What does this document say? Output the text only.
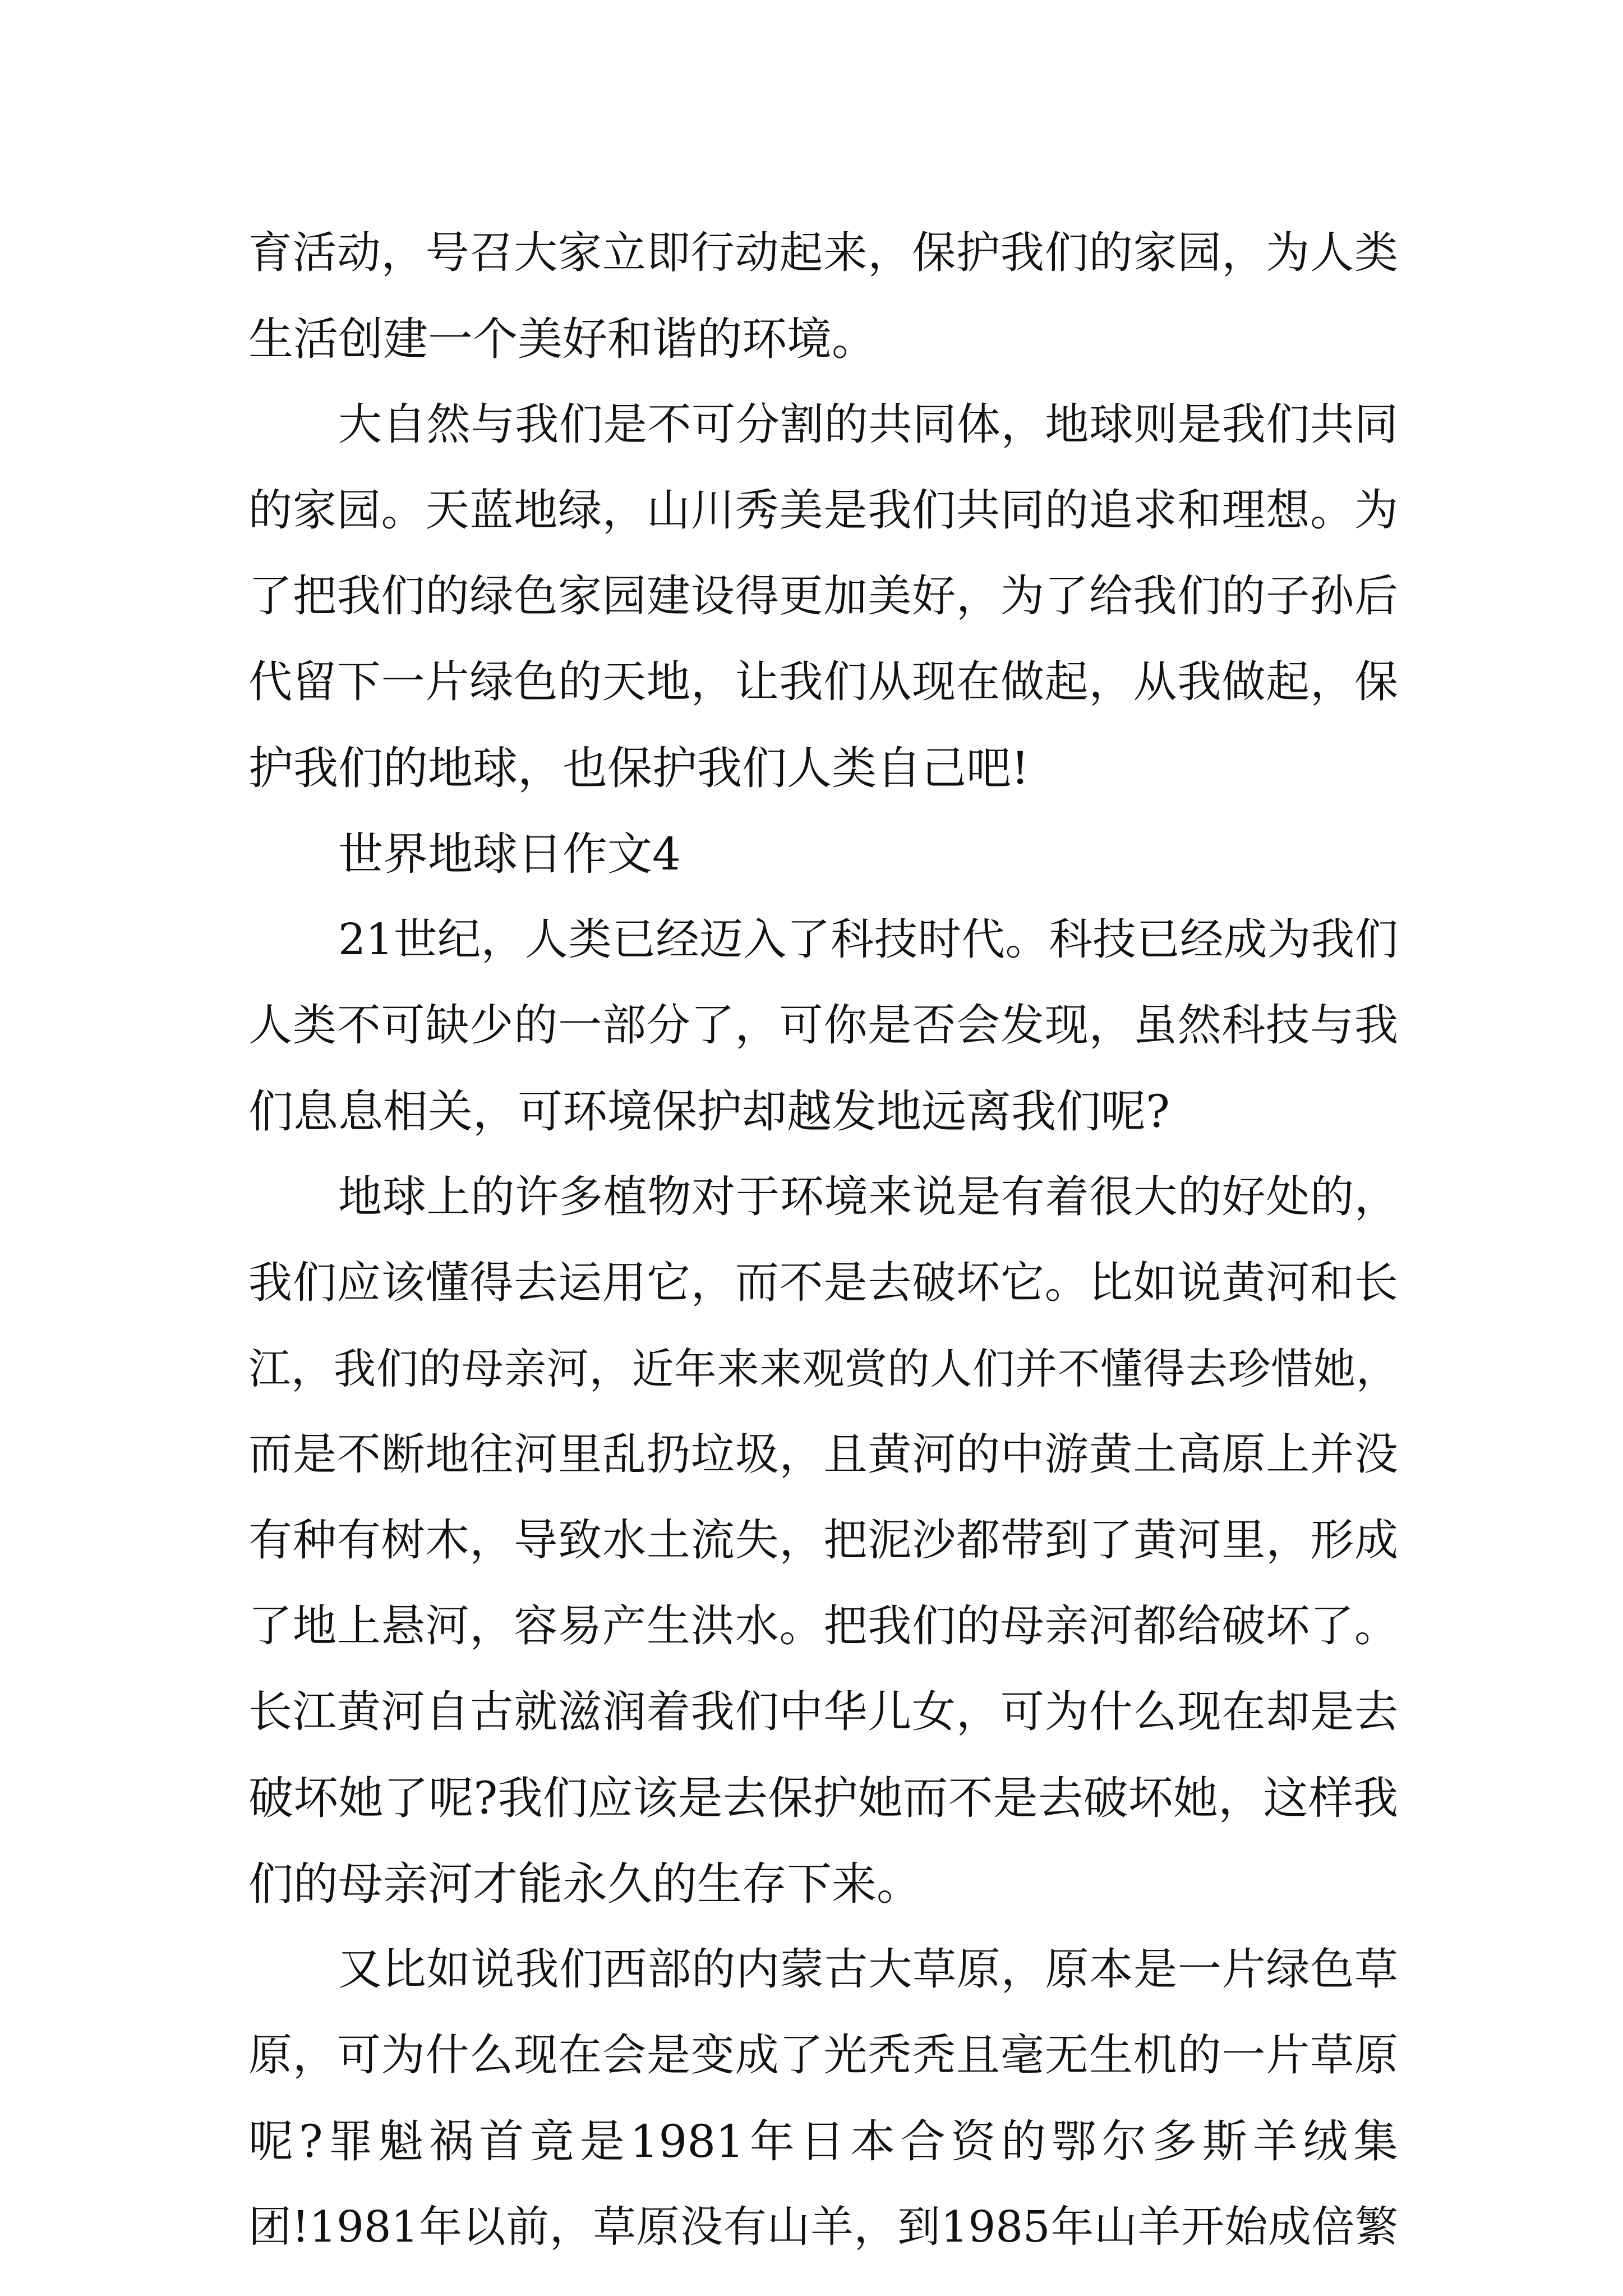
育活动，号召大家立即行动起来，保护我们的家园，为人类
生活创建一个美好和谐的环境。
大自然与我们是不可分割的共同体，地球则是我们共同
的家园。天蓝地绿，山川秀美是我们共同的追求和理想。为
了把我们的绿色家园建设得更加美好，为了给我们的子孙后
代留下一片绿色的天地，让我们从现在做起，从我做起，保
护我们的地球，也保护我们人类自己吧!
世界地球日作文4
21世纪，人类已经迈入了科技时代。科技已经成为我们
人类不可缺少的一部分了，可你是否会发现，虽然科技与我
们息息相关，可环境保护却越发地远离我们呢?
地球上的许多植物对于环境来说是有着很大的好处的，
我们应该懂得去运用它，而不是去破坏它。比如说黄河和长
江，我们的母亲河，近年来来观赏的人们并不懂得去珍惜她，
而是不断地往河里乱扔垃圾，且黄河的中游黄土高原上并没
有种有树木，导致水土流失，把泥沙都带到了黄河里，形成
了地上悬河，容易产生洪水。把我们的母亲河都给破坏了。
长江黄河自古就滋润着我们中华儿女，可为什么现在却是去
破坏她了呢?我们应该是去保护她而不是去破坏她，这样我
们的母亲河才能永久的生存下来。
又比如说我们西部的内蒙古大草原，原本是一片绿色草
原，可为什么现在会是变成了光秃秃且毫无生机的一片草原
呢?罪魁祸首竟是1981年日本合资的鄂尔多斯羊绒集
团!1981年以前，草原没有山羊，到1985年山羊开始成倍繁
